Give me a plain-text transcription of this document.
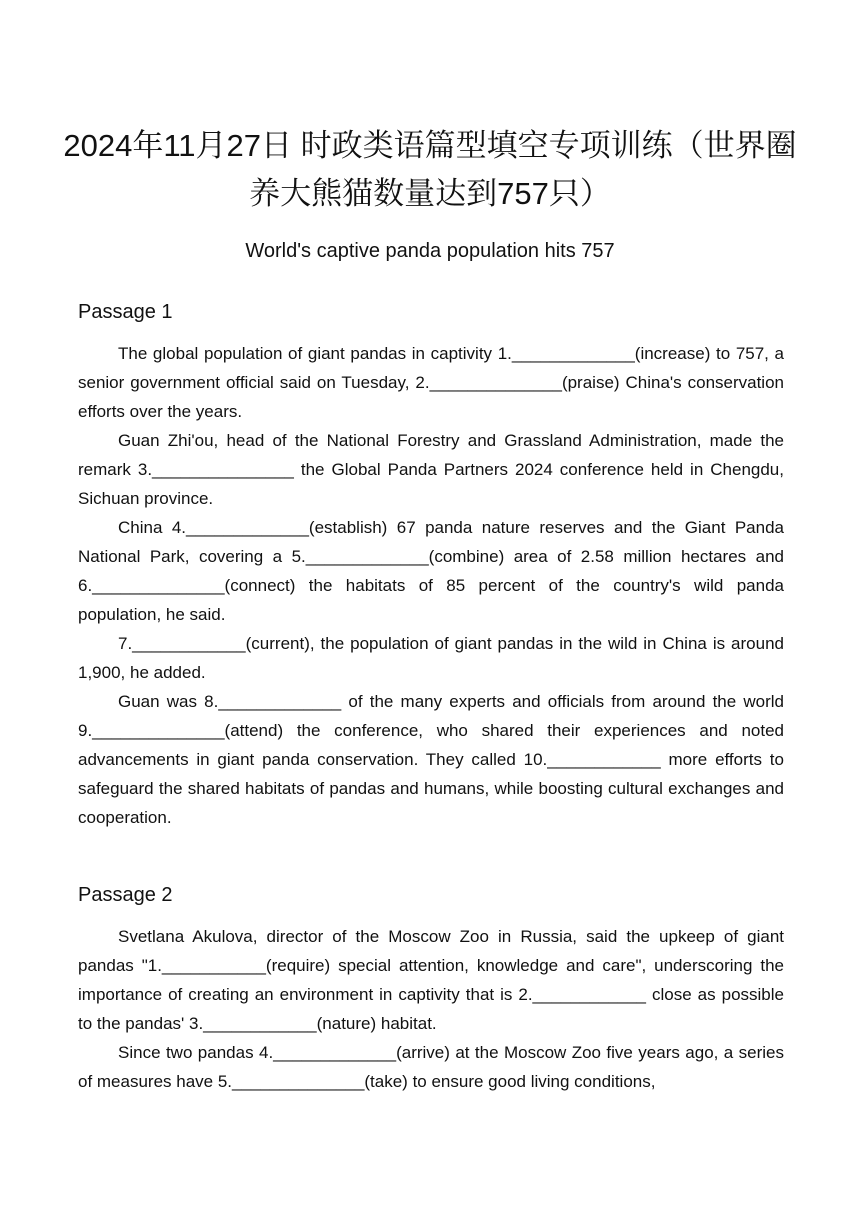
2024年11月27日 时政类语篇型填空专项训练（世界圈养大熊猫数量达到757只）
World's captive panda population hits 757
Passage 1

The global population of giant pandas in captivity 1._____________(increase) to 757, a senior government official said on Tuesday, 2.______________(praise) China's conservation efforts over the years.

Guan Zhi'ou, head of the National Forestry and Grassland Administration, made the remark 3._______________ the Global Panda Partners 2024 conference held in Chengdu, Sichuan province.

China 4._____________(establish) 67 panda nature reserves and the Giant Panda National Park, covering a 5._____________(combine) area of 2.58 million hectares and 6.______________(connect) the habitats of 85 percent of the country's wild panda population, he said.

7.____________(current), the population of giant pandas in the wild in China is around 1,900, he added.

Guan was 8._____________ of the many experts and officials from around the world 9.______________(attend) the conference, who shared their experiences and noted advancements in giant panda conservation. They called 10.____________ more efforts to safeguard the shared habitats of pandas and humans, while boosting cultural exchanges and cooperation.

Passage 2

Svetlana Akulova, director of the Moscow Zoo in Russia, said the upkeep of giant pandas "1.___________(require) special attention, knowledge and care", underscoring the importance of creating an environment in captivity that is 2.____________ close as possible to the pandas' 3.____________(nature) habitat.

Since two pandas 4._____________(arrive) at the Moscow Zoo five years ago, a series of measures have 5.______________(take) to ensure good living conditions,
